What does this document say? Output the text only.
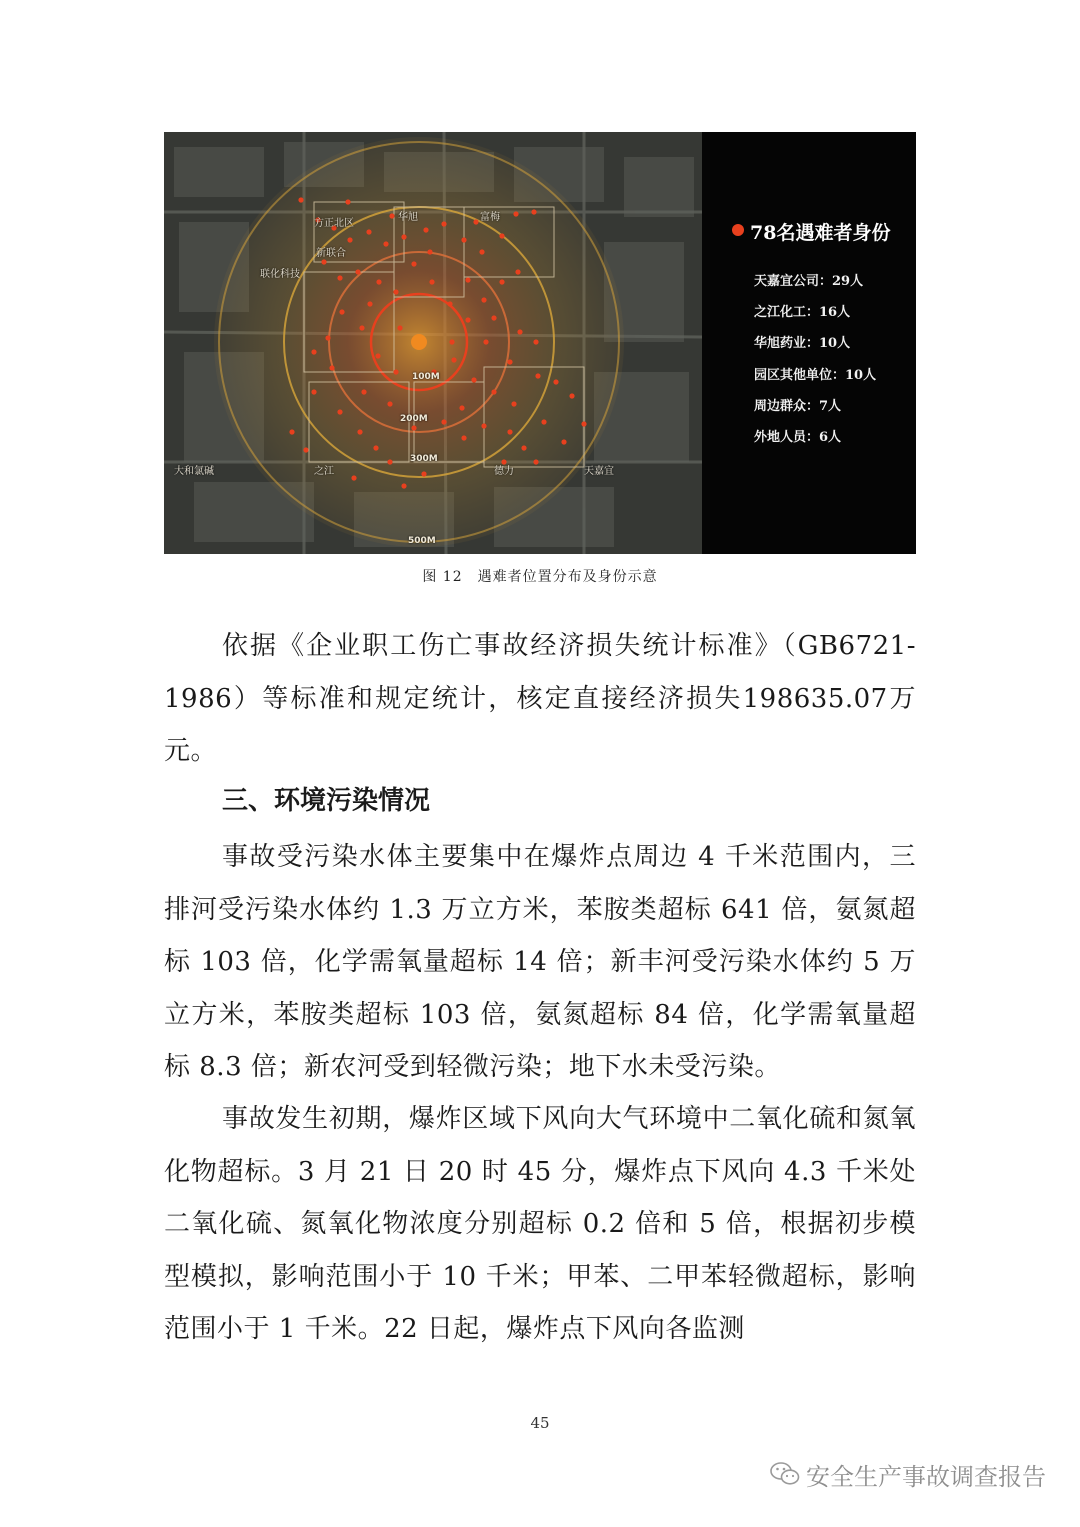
方正北区
华旭	富梅
新联合
联化科技
大和氯碱	之江	德力	天嘉宜
100M
200M
300M
500M
78名遇难者身份
天嘉宜公司：29人
之江化工：16人
华旭药业：10人
园区其他单位：10人
周边群众：7人
外地人员：6人
图 12　遇难者位置分布及身份示意

依据《企业职工伤亡事故经济损失统计标准》（GB6721-1986）等标准和规定统计，核定直接经济损失198635.07万元。

三、环境污染情况

事故受污染水体主要集中在爆炸点周边 4 千米范围内，三排河受污染水体约 1.3 万立方米，苯胺类超标 641 倍，氨氮超标 103 倍，化学需氧量超标 14 倍；新丰河受污染水体约 5 万立方米，苯胺类超标 103 倍，氨氮超标 84 倍，化学需氧量超标 8.3 倍；新农河受到轻微污染；地下水未受污染。

事故发生初期，爆炸区域下风向大气环境中二氧化硫和氮氧化物超标。3 月 21 日 20 时 45 分，爆炸点下风向 4.3 千米处二氧化硫、氮氧化物浓度分别超标 0.2 倍和 5 倍，根据初步模型模拟，影响范围小于 10 千米；甲苯、二甲苯轻微超标，影响范围小于 1 千米。22 日起，爆炸点下风向各监测

45
安全生产事故调查报告
